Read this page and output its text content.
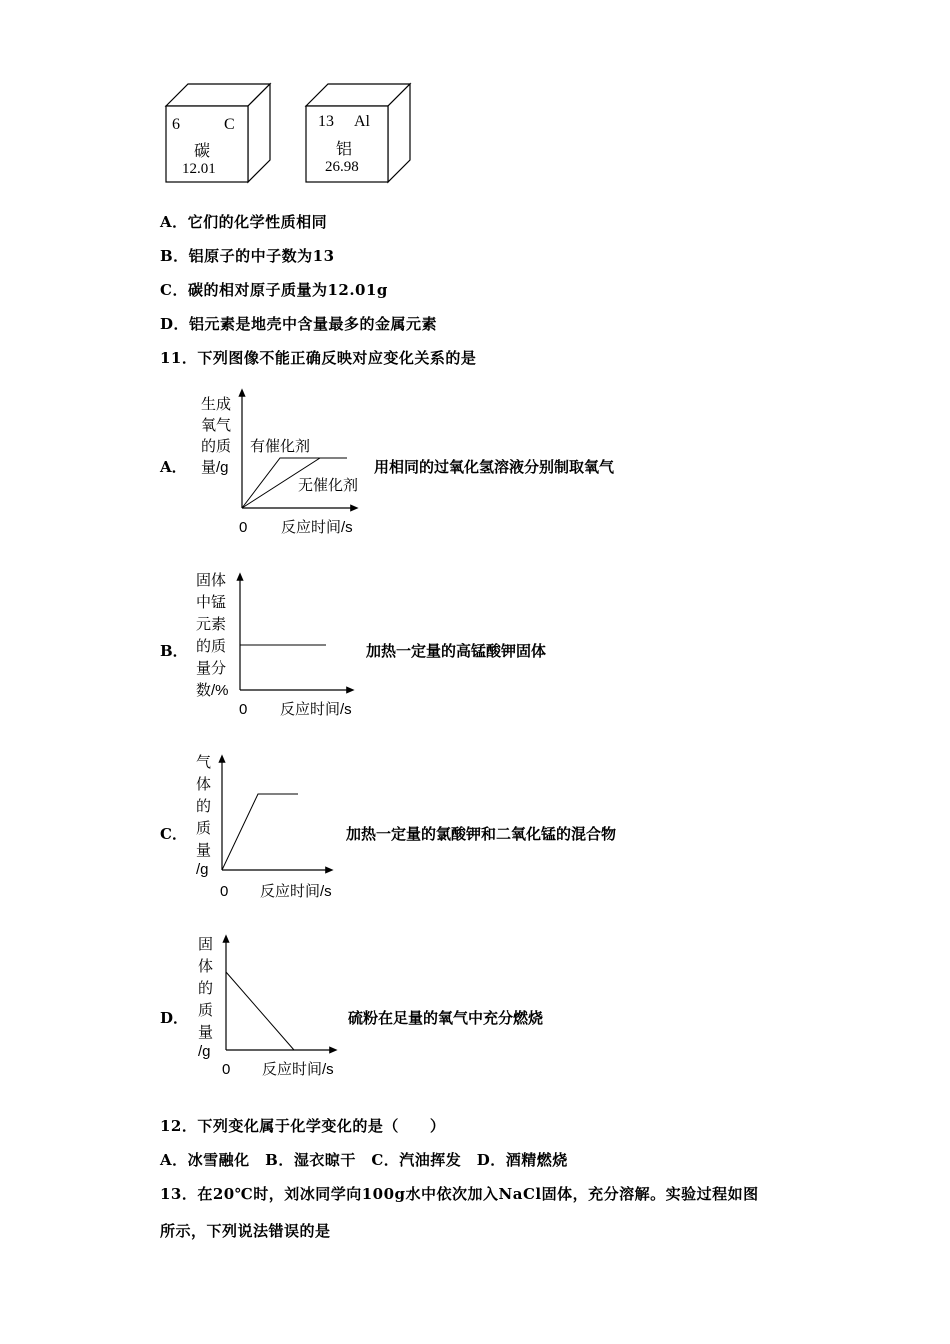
6	C
碳
12.01
13 Al
铝
26.98
A．它们的化学性质相同
B．铝原子的中子数为13
C．碳的相对原子质量为12.01g
D．铝元素是地壳中含量最多的金属元素
11．下列图像不能正确反映对应变化关系的是
A．
生成
氧气
的质
量/g
有催化剂
无催化剂
0 反应时间/s
用相同的过氧化氢溶液分别制取氧气
B．
固体
中锰
元素
的质
量分
数/%
0 反应时间/s
加热一定量的高锰酸钾固体
C．
气
体
的
质
量
/g
0 反应时间/s
加热一定量的氯酸钾和二氧化锰的混合物
D．
固
体
的
质
量
/g
0 反应时间/s
硫粉在足量的氧气中充分燃烧
12．下列变化属于化学变化的是（　　）
A．冰雪融化　B．湿衣晾干　C．汽油挥发　D．酒精燃烧
13．在20℃时，刘冰同学向100g水中依次加入NaCl固体，充分溶解。实验过程如图
所示，下列说法错误的是
